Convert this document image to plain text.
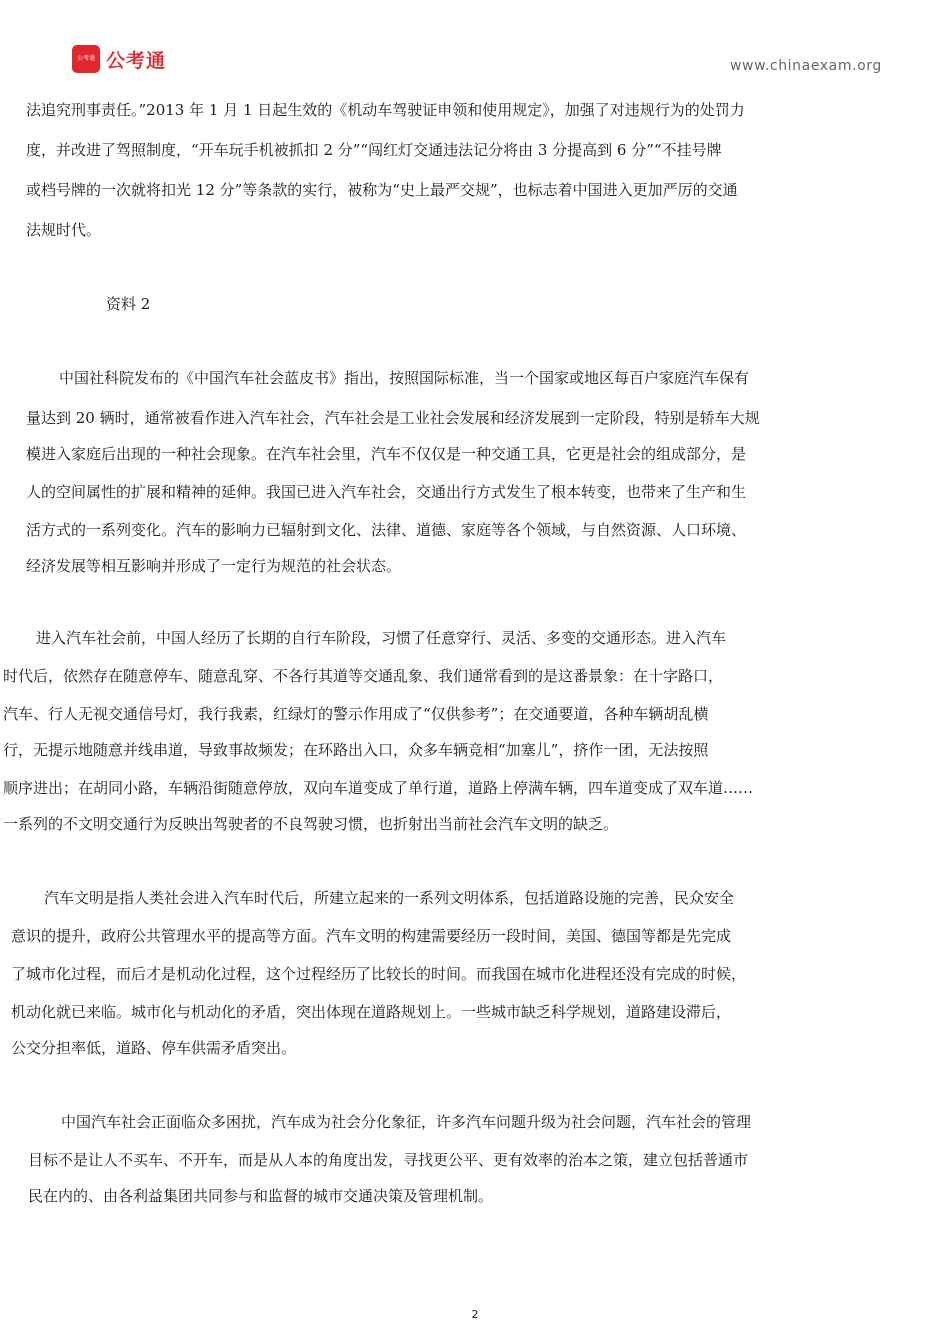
公考通 公考通	www.chinaexam.org
法追究刑事责任。”2013 年 1 月 1 日起生效的《机动车驾驶证申领和使用规定》，加强了对违规行为的处罚力
度，并改进了驾照制度，“开车玩手机被抓扣 2 分”“闯红灯交通违法记分将由 3 分提高到 6 分”“不挂号牌
或档号牌的一次就将扣光 12 分”等条款的实行，被称为“史上最严交规”，也标志着中国进入更加严厉的交通
法规时代。
资料 2
中国社科院发布的《中国汽车社会蓝皮书》指出，按照国际标准，当一个国家或地区每百户家庭汽车保有
量达到 20 辆时，通常被看作进入汽车社会，汽车社会是工业社会发展和经济发展到一定阶段，特别是轿车大规
模进入家庭后出现的一种社会现象。在汽车社会里，汽车不仅仅是一种交通工具，它更是社会的组成部分，是
人的空间属性的扩展和精神的延伸。我国已进入汽车社会，交通出行方式发生了根本转变，也带来了生产和生
活方式的一系列变化。汽车的影响力已辐射到文化、法律、道德、家庭等各个领域，与自然资源、人口环境、
经济发展等相互影响并形成了一定行为规范的社会状态。
进入汽车社会前，中国人经历了长期的自行车阶段，习惯了任意穿行、灵活、多变的交通形态。进入汽车
时代后，依然存在随意停车、随意乱穿、不各行其道等交通乱象、我们通常看到的是这番景象：在十字路口，
汽车、行人无视交通信号灯，我行我素，红绿灯的警示作用成了“仅供参考”；在交通要道，各种车辆胡乱横
行，无提示地随意并线串道，导致事故频发；在环路出入口，众多车辆竞相“加塞儿”，挤作一团，无法按照
顺序进出；在胡同小路，车辆沿街随意停放，双向车道变成了单行道，道路上停满车辆，四车道变成了双车道……
一系列的不文明交通行为反映出驾驶者的不良驾驶习惯，也折射出当前社会汽车文明的缺乏。
汽车文明是指人类社会进入汽车时代后，所建立起来的一系列文明体系，包括道路设施的完善，民众安全
意识的提升，政府公共管理水平的提高等方面。汽车文明的构建需要经历一段时间，美国、德国等都是先完成
了城市化过程，而后才是机动化过程，这个过程经历了比较长的时间。而我国在城市化进程还没有完成的时候，
机动化就已来临。城市化与机动化的矛盾，突出体现在道路规划上。一些城市缺乏科学规划，道路建设滞后，
公交分担率低，道路、停车供需矛盾突出。
中国汽车社会正面临众多困扰，汽车成为社会分化象征，许多汽车问题升级为社会问题，汽车社会的管理
目标不是让人不买车、不开车，而是从人本的角度出发，寻找更公平、更有效率的治本之策，建立包括普通市
民在内的、由各利益集团共同参与和监督的城市交通决策及管理机制。
2
